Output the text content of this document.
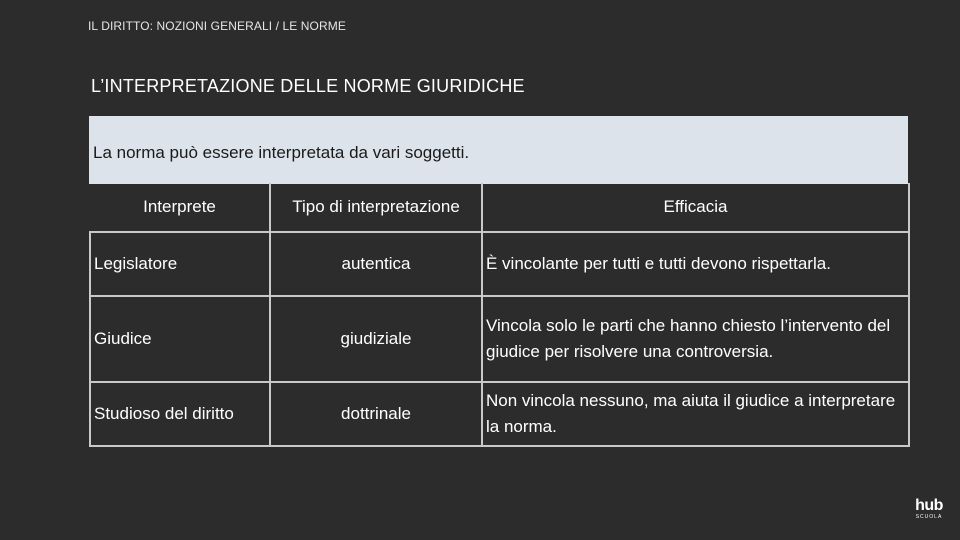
IL DIRITTO: NOZIONI GENERALI / LE NORME
L’INTERPRETAZIONE DELLE NORME GIURIDICHE
La norma può essere interpretata da vari soggetti.
Interprete	Tipo di interpretazione	Efficacia
Legislatore	autentica	È vincolante per tutti e tutti devono rispettarla.
Giudice	giudiziale	Vincola solo le parti che hanno chiesto l’intervento del giudice per risolvere una controversia.
Studioso del diritto	dottrinale	Non vincola nessuno, ma aiuta il giudice a interpretare la norma.
hub
SCUOLA
